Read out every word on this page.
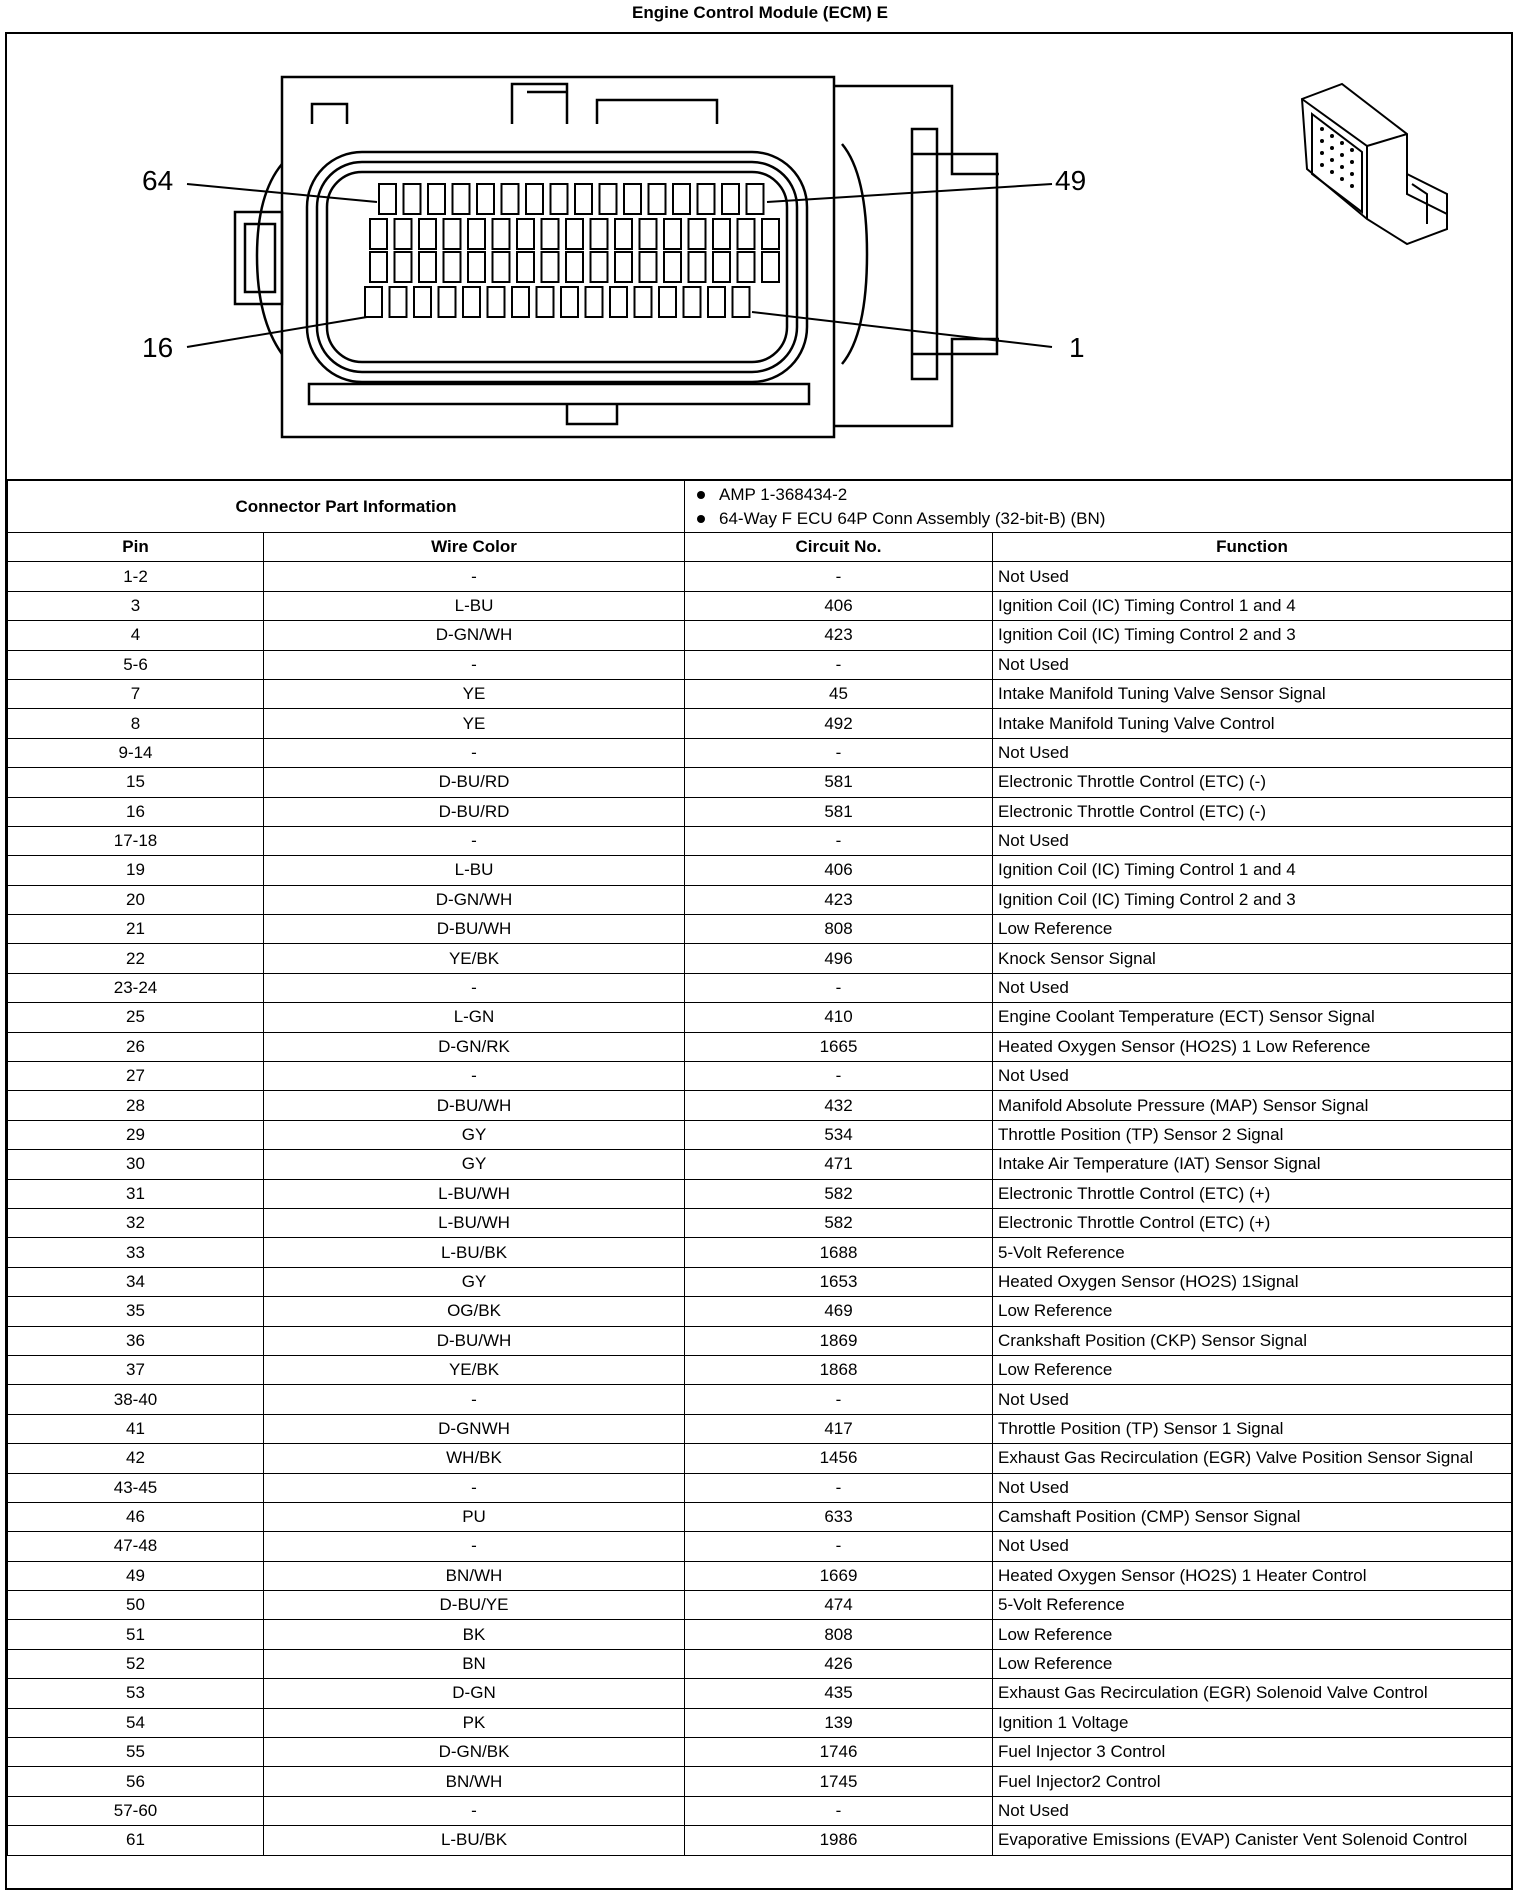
Engine Control Module (ECM) E
64	49
16	1
Connector Part Information		AMP 1-368434-2
64-Way F ECU 64P Conn Assembly (32-bit-B) (BN)	

Pin	Wire Color	Circuit No.	Function
1-2	-	-	Not Used
3	L-BU	406	Ignition Coil (IC) Timing Control 1 and 4
4	D-GN/WH	423	Ignition Coil (IC) Timing Control 2 and 3
5-6	-	-	Not Used
7	YE	45	Intake Manifold Tuning Valve Sensor Signal
8	YE	492	Intake Manifold Tuning Valve Control
9-14	-	-	Not Used
15	D-BU/RD	581	Electronic Throttle Control (ETC) (-)
16	D-BU/RD	581	Electronic Throttle Control (ETC) (-)
17-18	-	-	Not Used
19	L-BU	406	Ignition Coil (IC) Timing Control 1 and 4
20	D-GN/WH	423	Ignition Coil (IC) Timing Control 2 and 3
21	D-BU/WH	808	Low Reference
22	YE/BK	496	Knock Sensor Signal
23-24	-	-	Not Used
25	L-GN	410	Engine Coolant Temperature (ECT) Sensor Signal
26	D-GN/RK	1665	Heated Oxygen Sensor (HO2S) 1 Low Reference
27	-	-	Not Used
28	D-BU/WH	432	Manifold Absolute Pressure (MAP) Sensor Signal
29	GY	534	Throttle Position (TP) Sensor 2 Signal
30	GY	471	Intake Air Temperature (IAT) Sensor Signal
31	L-BU/WH	582	Electronic Throttle Control (ETC) (+)
32	L-BU/WH	582	Electronic Throttle Control (ETC) (+)
33	L-BU/BK	1688	5-Volt Reference
34	GY	1653	Heated Oxygen Sensor (HO2S) 1Signal
35	OG/BK	469	Low Reference
36	D-BU/WH	1869	Crankshaft Position (CKP) Sensor Signal
37	YE/BK	1868	Low Reference
38-40	-	-	Not Used
41	D-GNWH	417	Throttle Position (TP) Sensor 1 Signal
42	WH/BK	1456	Exhaust Gas Recirculation (EGR) Valve Position Sensor Signal
43-45	-	-	Not Used
46	PU	633	Camshaft Position (CMP) Sensor Signal
47-48	-	-	Not Used
49	BN/WH	1669	Heated Oxygen Sensor (HO2S) 1 Heater Control
50	D-BU/YE	474	5-Volt Reference
51	BK	808	Low Reference
52	BN	426	Low Reference
53	D-GN	435	Exhaust Gas Recirculation (EGR) Solenoid Valve Control
54	PK	139	Ignition 1 Voltage
55	D-GN/BK	1746	Fuel Injector 3 Control
56	BN/WH	1745	Fuel Injector2 Control
57-60	-	-	Not Used
61	L-BU/BK	1986	Evaporative Emissions (EVAP) Canister Vent Solenoid Control
